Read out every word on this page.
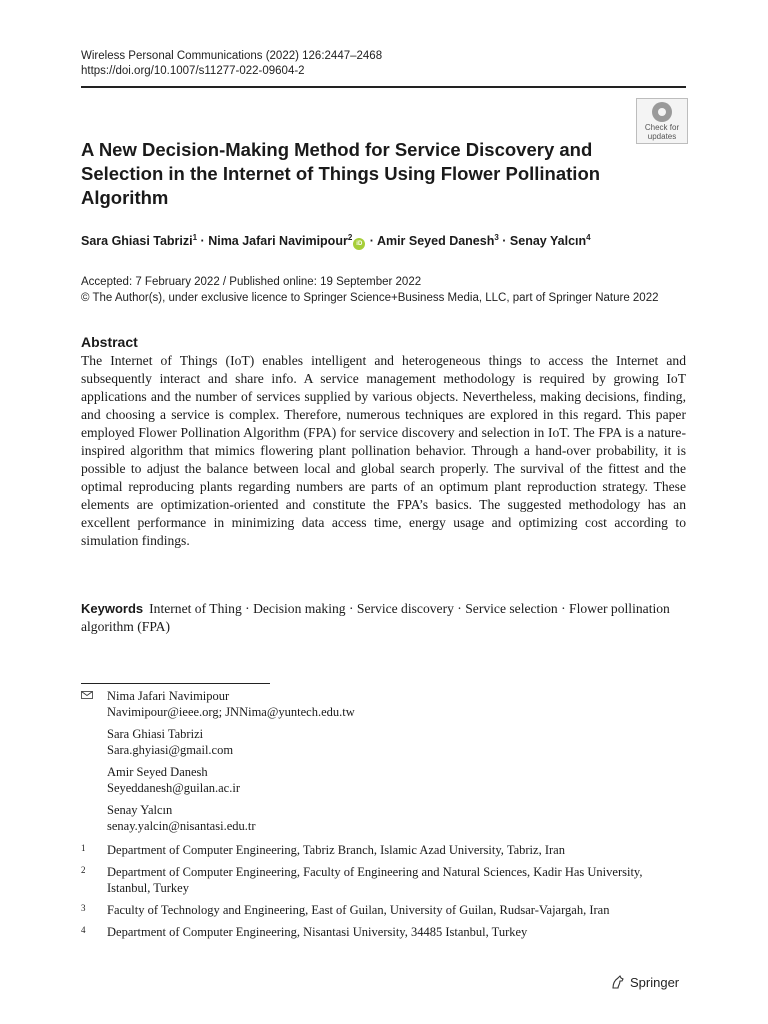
Wireless Personal Communications (2022) 126:2447–2468
https://doi.org/10.1007/s11277-022-09604-2
Check for
updates
A New Decision-Making Method for Service Discovery and Selection in the Internet of Things Using Flower Pollination Algorithm
Sara Ghiasi Tabrizi$^1$ · Nima Jafari Navimipour$^2$iD · Amir Seyed Danesh$^3$ · Senay Yalcın$^4$
Accepted: 7 February 2022 / Published online: 19 September 2022
© The Author(s), under exclusive licence to Springer Science+Business Media, LLC, part of Springer Nature 2022
Abstract
The Internet of Things (IoT) enables intelligent and heterogeneous things to access the Internet and subsequently interact and share info. A service management methodology is required by growing IoT applications and the number of services supplied by various objects. Nevertheless, making decisions, finding, and choosing a service is complex. Therefore, numerous techniques are explored in this regard. This paper employed Flower Pollination Algorithm (FPA) for service discovery and selection in IoT. The FPA is a nature-inspired algorithm that mimics flowering plant pollination behavior. Through a hand-over probability, it is possible to adjust the balance between local and global search properly. The survival of the fittest and the optimal reproducing plants regarding numbers are parts of an optimum plant reproduction strategy. These elements are optimization-oriented and constitute the FPA’s basics. The suggested methodology has an excellent performance in minimizing data access time, energy usage and optimizing cost according to simulation findings.
Keywords Internet of Thing · Decision making · Service discovery · Service selection · Flower pollination algorithm (FPA)
Nima Jafari Navimipour
Navimipour@ieee.org; JNNima@yuntech.edu.tw
Sara Ghiasi Tabrizi
Sara.ghyiasi@gmail.com
Amir Seyed Danesh
Seyeddanesh@guilan.ac.ir
Senay Yalcın
senay.yalcin@nisantasi.edu.tr
1 Department of Computer Engineering, Tabriz Branch, Islamic Azad University, Tabriz, Iran
2 Department of Computer Engineering, Faculty of Engineering and Natural Sciences, Kadir Has University, Istanbul, Turkey
3 Faculty of Technology and Engineering, East of Guilan, University of Guilan, Rudsar-Vajargah, Iran
4 Department of Computer Engineering, Nisantasi University, 34485 Istanbul, Turkey
Springer
